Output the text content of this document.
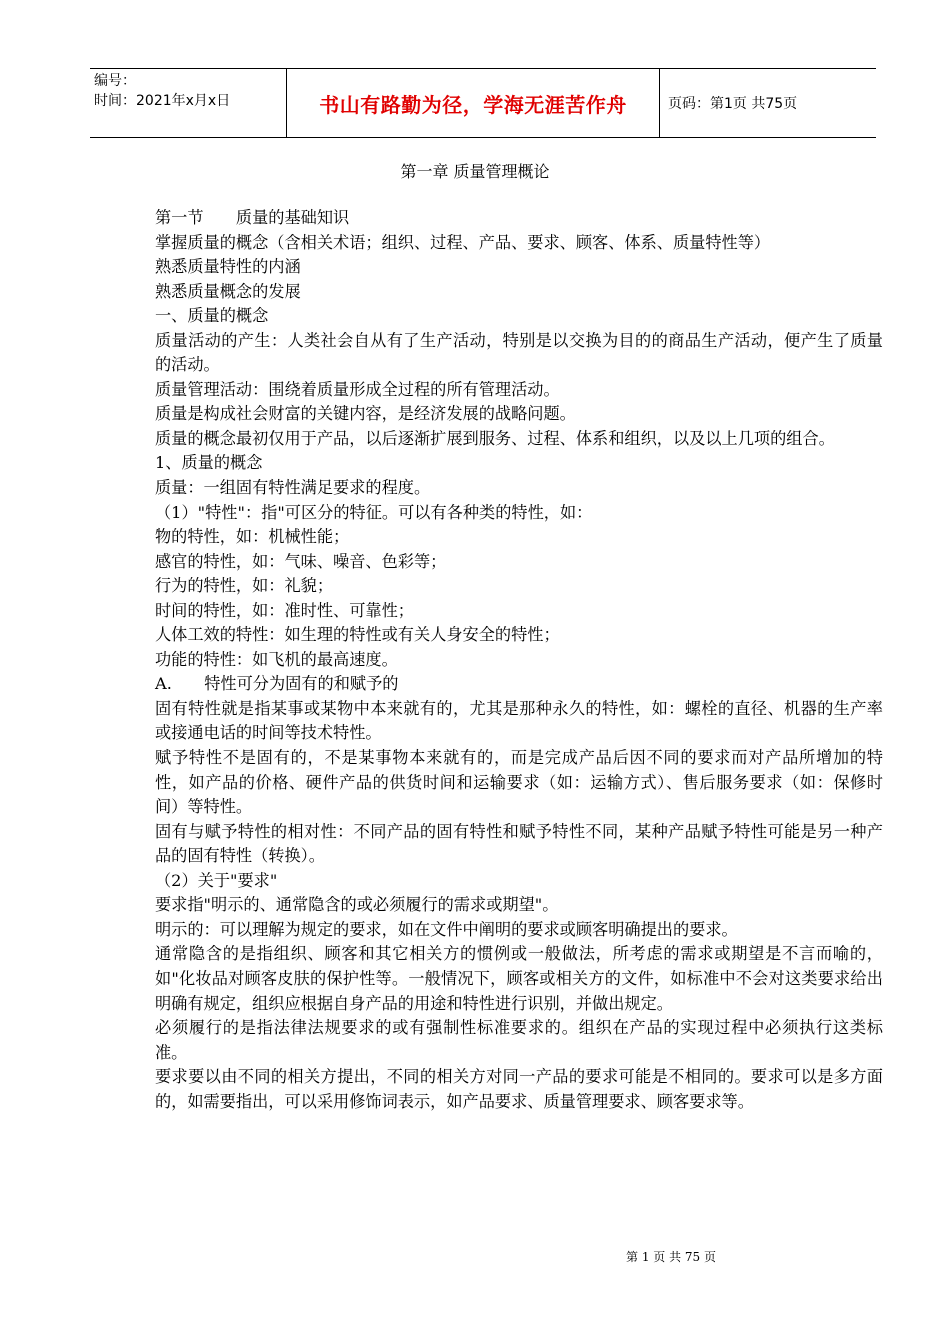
编号：
时间：2021年x月x日	书山有路勤为径，学海无涯苦作舟	页码：第1页 共75页
第一章 质量管理概论

第一节　　质量的基础知识

掌握质量的概念（含相关术语；组织、过程、产品、要求、顾客、体系、质量特性等）

熟悉质量特性的内涵

熟悉质量概念的发展

一、质量的概念

质量活动的产生：人类社会自从有了生产活动，特别是以交换为目的的商品生产活动，便产生了质量的活动。

质量管理活动：围绕着质量形成全过程的所有管理活动。

质量是构成社会财富的关键内容，是经济发展的战略问题。

质量的概念最初仅用于产品，以后逐渐扩展到服务、过程、体系和组织，以及以上几项的组合。

1、质量的概念

质量：一组固有特性满足要求的程度。

（1）"特性"：指"可区分的特征。可以有各种类的特性，如：

物的特性，如：机械性能；

感官的特性，如：气味、噪音、色彩等；

行为的特性，如：礼貌；

时间的特性，如：准时性、可靠性；

人体工效的特性：如生理的特性或有关人身安全的特性；

功能的特性：如飞机的最高速度。

A.　　特性可分为固有的和赋予的

固有特性就是指某事或某物中本来就有的，尤其是那种永久的特性，如：螺栓的直径、机器的生产率或接通电话的时间等技术特性。

赋予特性不是固有的，不是某事物本来就有的，而是完成产品后因不同的要求而对产品所增加的特性，如产品的价格、硬件产品的供货时间和运输要求（如：运输方式）、售后服务要求（如：保修时间）等特性。

固有与赋予特性的相对性：不同产品的固有特性和赋予特性不同，某种产品赋予特性可能是另一种产品的固有特性（转换）。

（2）关于"要求"

要求指"明示的、通常隐含的或必须履行的需求或期望"。

明示的：可以理解为规定的要求，如在文件中阐明的要求或顾客明确提出的要求。

通常隐含的是指组织、顾客和其它相关方的惯例或一般做法，所考虑的需求或期望是不言而喻的，如"化妆品对顾客皮肤的保护性等。一般情况下，顾客或相关方的文件，如标准中不会对这类要求给出明确有规定，组织应根据自身产品的用途和特性进行识别，并做出规定。

必须履行的是指法律法规要求的或有强制性标准要求的。组织在产品的实现过程中必须执行这类标准。

要求要以由不同的相关方提出，不同的相关方对同一产品的要求可能是不相同的。要求可以是多方面的，如需要指出，可以采用修饰词表示，如产品要求、质量管理要求、顾客要求等。

第 1 页 共 75 页
